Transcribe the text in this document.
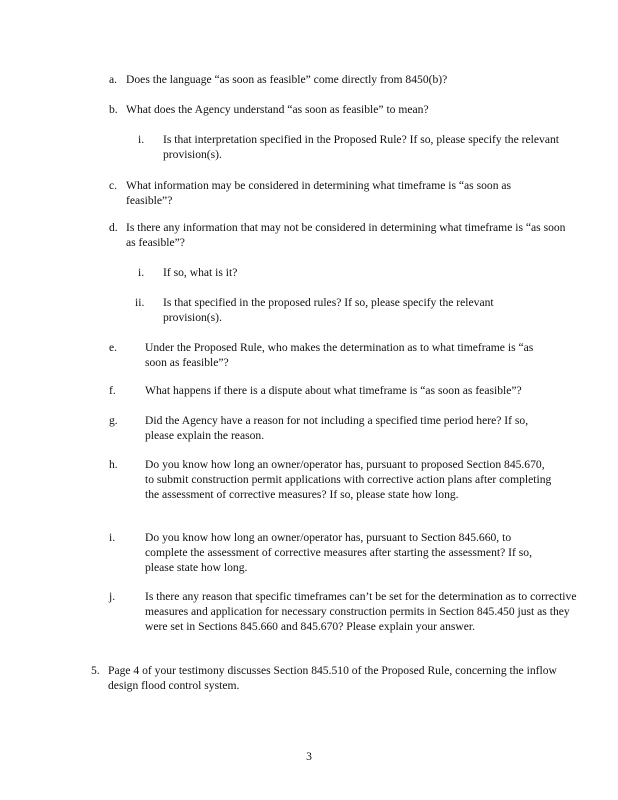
a. Does the language “as soon as feasible” come directly from 8450(b)?
b. What does the Agency understand “as soon as feasible” to mean?
i. Is that interpretation specified in the Proposed Rule? If so, please specify the relevant provision(s).
c. What information may be considered in determining what timeframe is “as soon as feasible”?
d. Is there any information that may not be considered in determining what timeframe is “as soon as feasible”?
i. If so, what is it?
ii. Is that specified in the proposed rules? If so, please specify the relevant provision(s).
e. Under the Proposed Rule, who makes the determination as to what timeframe is “as soon as feasible”?
f.	What happens if there is a dispute about what timeframe is “as soon as feasible”?
g. Did the Agency have a reason for not including a specified time period here? If so, please explain the reason.
h. Do you know how long an owner/operator has, pursuant to proposed Section 845.670, to submit construction permit applications with corrective action plans after completing the assessment of corrective measures? If so, please state how long.
i.	Do you know how long an owner/operator has, pursuant to Section 845.660, to complete the assessment of corrective measures after starting the assessment? If so, please state how long.
j.	Is there any reason that specific timeframes can’t be set for the determination as to corrective measures and application for necessary construction permits in Section 845.450 just as they were set in Sections 845.660 and 845.670? Please explain your answer.
5. Page 4 of your testimony discusses Section 845.510 of the Proposed Rule, concerning the inflow design flood control system.
3
